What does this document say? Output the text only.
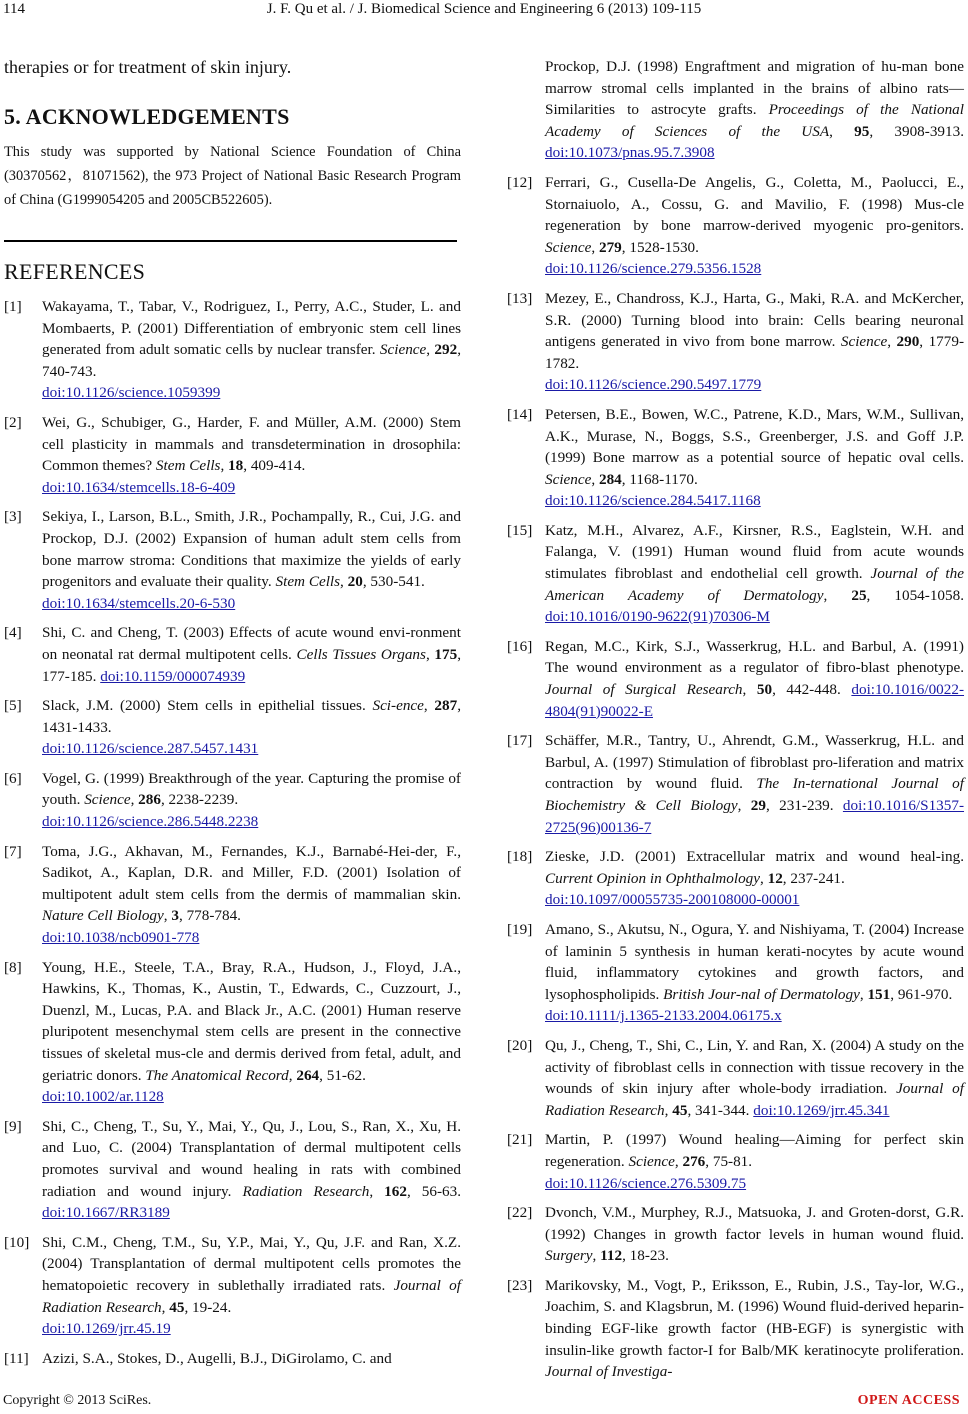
114	J. F. Qu et al. / J. Biomedical Science and Engineering 6 (2013) 109-115

therapies or for treatment of skin injury.

5. ACKNOWLEDGEMENTS

This study was supported by National Science Foundation of China (30370562，81071562), the 973 Project of National Basic Research Program of China (G1999054205 and 2005CB522605).

REFERENCES
[1] Wakayama, T., Tabar, V., Rodriguez, I., Perry, A.C., Studer, L. and Mombaerts, P. (2001) Differentiation of embryonic stem cell lines generated from adult somatic cells by nuclear transfer. Science, 292, 740-743.
doi:10.1126/science.1059399
[2] Wei, G., Schubiger, G., Harder, F. and Müller, A.M. (2000) Stem cell plasticity in mammals and transdetermination in drosophila: Common themes? Stem Cells, 18, 409-414.
doi:10.1634/stemcells.18-6-409
[3] Sekiya, I., Larson, B.L., Smith, J.R., Pochampally, R., Cui, J.G. and Prockop, D.J. (2002) Expansion of human adult stem cells from bone marrow stroma: Conditions that maximize the yields of early progenitors and evaluate their quality. Stem Cells, 20, 530-541.
doi:10.1634/stemcells.20-6-530
[4] Shi, C. and Cheng, T. (2003) Effects of acute wound envi-ronment on neonatal rat dermal multipotent cells. Cells Tissues Organs, 175, 177-185. doi:10.1159/000074939
[5] Slack, J.M. (2000) Stem cells in epithelial tissues. Sci-ence, 287, 1431-1433.
doi:10.1126/science.287.5457.1431
[6] Vogel, G. (1999) Breakthrough of the year. Capturing the promise of youth. Science, 286, 2238-2239.
doi:10.1126/science.286.5448.2238
[7] Toma, J.G., Akhavan, M., Fernandes, K.J., Barnabé-Hei-der, F., Sadikot, A., Kaplan, D.R. and Miller, F.D. (2001) Isolation of multipotent adult stem cells from the dermis of mammalian skin. Nature Cell Biology, 3, 778-784.
doi:10.1038/ncb0901-778
[8] Young, H.E., Steele, T.A., Bray, R.A., Hudson, J., Floyd, J.A., Hawkins, K., Thomas, K., Austin, T., Edwards, C., Cuzzourt, J., Duenzl, M., Lucas, P.A. and Black Jr., A.C. (2001) Human reserve pluripotent mesenchymal stem cells are present in the connective tissues of skeletal mus-cle and dermis derived from fetal, adult, and geriatric donors. The Anatomical Record, 264, 51-62.
doi:10.1002/ar.1128
[9] Shi, C., Cheng, T., Su, Y., Mai, Y., Qu, J., Lou, S., Ran, X., Xu, H. and Luo, C. (2004) Transplantation of dermal multipotent cells promotes survival and wound healing in rats with combined radiation and wound injury. Radiation Research, 162, 56-63. doi:10.1667/RR3189
[10] Shi, C.M., Cheng, T.M., Su, Y.P., Mai, Y., Qu, J.F. and Ran, X.Z. (2004) Transplantation of dermal multipotent cells promotes the hematopoietic recovery in sublethally irradiated rats. Journal of Radiation Research, 45, 19-24.
doi:10.1269/jrr.45.19
[11] Azizi, S.A., Stokes, D., Augelli, B.J., DiGirolamo, C. and

Prockop, D.J. (1998) Engraftment and migration of hu-man bone marrow stromal cells implanted in the brains of albino rats—Similarities to astrocyte grafts. Proceedings of the National Academy of Sciences of the USA, 95, 3908-3913. doi:10.1073/pnas.95.7.3908

[12] Ferrari, G., Cusella-De Angelis, G., Coletta, M., Paolucci, E., Stornaiuolo, A., Cossu, G. and Mavilio, F. (1998) Mus-cle regeneration by bone marrow-derived myogenic pro-genitors. Science, 279, 1528-1530.
doi:10.1126/science.279.5356.1528
[13] Mezey, E., Chandross, K.J., Harta, G., Maki, R.A. and McKercher, S.R. (2000) Turning blood into brain: Cells bearing neuronal antigens generated in vivo from bone marrow. Science, 290, 1779-1782.
doi:10.1126/science.290.5497.1779
[14] Petersen, B.E., Bowen, W.C., Patrene, K.D., Mars, W.M., Sullivan, A.K., Murase, N., Boggs, S.S., Greenberger, J.S. and Goff J.P. (1999) Bone marrow as a potential source of hepatic oval cells. Science, 284, 1168-1170.
doi:10.1126/science.284.5417.1168
[15] Katz, M.H., Alvarez, A.F., Kirsner, R.S., Eaglstein, W.H. and Falanga, V. (1991) Human wound fluid from acute wounds stimulates fibroblast and endothelial cell growth. Journal of the American Academy of Dermatology, 25, 1054-1058. doi:10.1016/0190-9622(91)70306-M
[16] Regan, M.C., Kirk, S.J., Wasserkrug, H.L. and Barbul, A. (1991) The wound environment as a regulator of fibro-blast phenotype. Journal of Surgical Research, 50, 442-448. doi:10.1016/0022-4804(91)90022-E
[17] Schäffer, M.R., Tantry, U., Ahrendt, G.M., Wasserkrug, H.L. and Barbul, A. (1997) Stimulation of fibroblast pro-liferation and matrix contraction by wound fluid. The In-ternational Journal of Biochemistry & Cell Biology, 29, 231-239. doi:10.1016/S1357-2725(96)00136-7
[18] Zieske, J.D. (2001) Extracellular matrix and wound heal-ing. Current Opinion in Ophthalmology, 12, 237-241.
doi:10.1097/00055735-200108000-00001
[19] Amano, S., Akutsu, N., Ogura, Y. and Nishiyama, T. (2004) Increase of laminin 5 synthesis in human kerati-nocytes by acute wound fluid, inflammatory cytokines and growth factors, and lysophospholipids. British Jour-nal of Dermatology, 151, 961-970.
doi:10.1111/j.1365-2133.2004.06175.x
[20] Qu, J., Cheng, T., Shi, C., Lin, Y. and Ran, X. (2004) A study on the activity of fibroblast cells in connection with tissue recovery in the wounds of skin injury after whole-body irradiation. Journal of Radiation Research, 45, 341-344. doi:10.1269/jrr.45.341
[21] Martin, P. (1997) Wound healing—Aiming for perfect skin regeneration. Science, 276, 75-81.
doi:10.1126/science.276.5309.75
[22] Dvonch, V.M., Murphey, R.J., Matsuoka, J. and Groten-dorst, G.R. (1992) Changes in growth factor levels in human wound fluid. Surgery, 112, 18-23.
[23] Marikovsky, M., Vogt, P., Eriksson, E., Rubin, J.S., Tay-lor, W.G., Joachim, S. and Klagsbrun, M. (1996) Wound fluid-derived heparin-binding EGF-like growth factor (HB-EGF) is synergistic with insulin-like growth factor-I for Balb/MK keratinocyte proliferation. Journal of Investiga-
Copyright © 2013 SciRes.	OPEN ACCESS
